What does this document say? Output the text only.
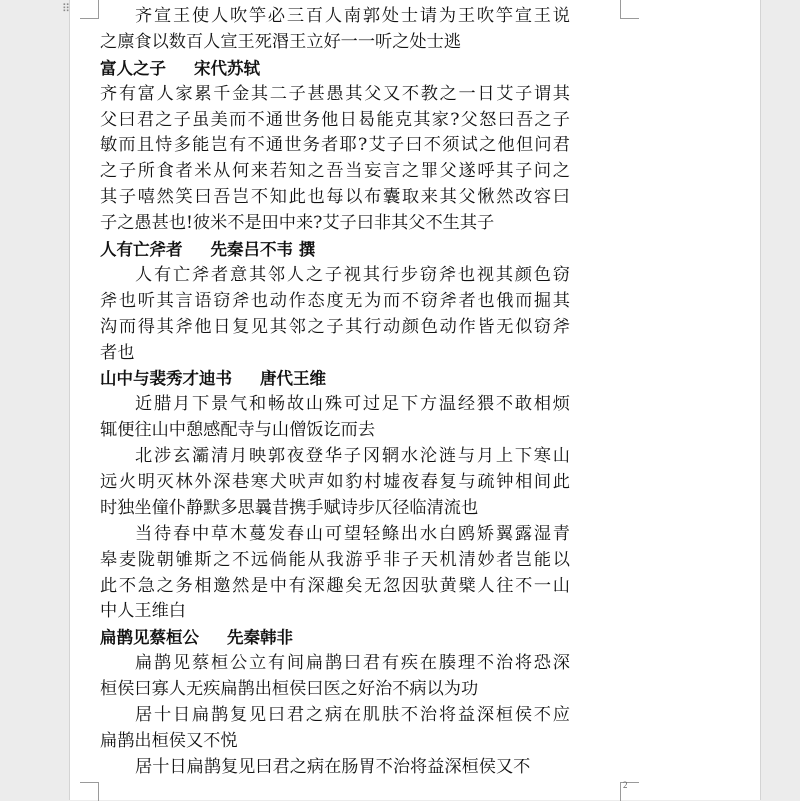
⠿	齐宣王使人吹竽必三百人南郭处士请为王吹竽宣王说
之廪食以数百人宣王死湣王立好一一听之处士逃
富人之子 宋代苏轼
齐有富人家累千金其二子甚愚其父又不教之一日艾子谓其
父曰君之子虽美而不通世务他日曷能克其家?父怒曰吾之子
敏而且恃多能岂有不通世务者耶?艾子曰不须试之他但问君
之子所食者米从何来若知之吾当妄言之罪父遂呼其子问之
其子嘻然笑曰吾岂不知此也每以布囊取来其父愀然改容曰
子之愚甚也!彼米不是田中来?艾子曰非其父不生其子
人有亡斧者 先秦吕不韦 撰
人有亡斧者意其邻人之子视其行步窃斧也视其颜色窃
斧也听其言语窃斧也动作态度无为而不窃斧者也俄而掘其
沟而得其斧他日复见其邻之子其行动颜色动作皆无似窃斧
者也
山中与裴秀才迪书 唐代王维
近腊月下景气和畅故山殊可过足下方温经猥不敢相烦
辄便往山中憩感配寺与山僧饭讫而去
北涉玄灞清月映郭夜登华子冈辋水沦涟与月上下寒山
远火明灭林外深巷寒犬吠声如豹村墟夜舂复与疏钟相间此
时独坐僮仆静默多思曩昔携手赋诗步仄径临清流也
当待春中草木蔓发春山可望轻鲦出水白鸥矫翼露湿青
皋麦陇朝雊斯之不远倘能从我游乎非子天机清妙者岂能以
此不急之务相邀然是中有深趣矣无忽因驮黄檗人往不一山
中人王维白
扁鹊见蔡桓公 先秦韩非
扁鹊见蔡桓公立有间扁鹊曰君有疾在腠理不治将恐深
桓侯曰寡人无疾扁鹊出桓侯曰医之好治不病以为功
居十日扁鹊复见曰君之病在肌肤不治将益深桓侯不应
扁鹊出桓侯又不悦
居十日扁鹊复见曰君之病在肠胃不治将益深桓侯又不
2
